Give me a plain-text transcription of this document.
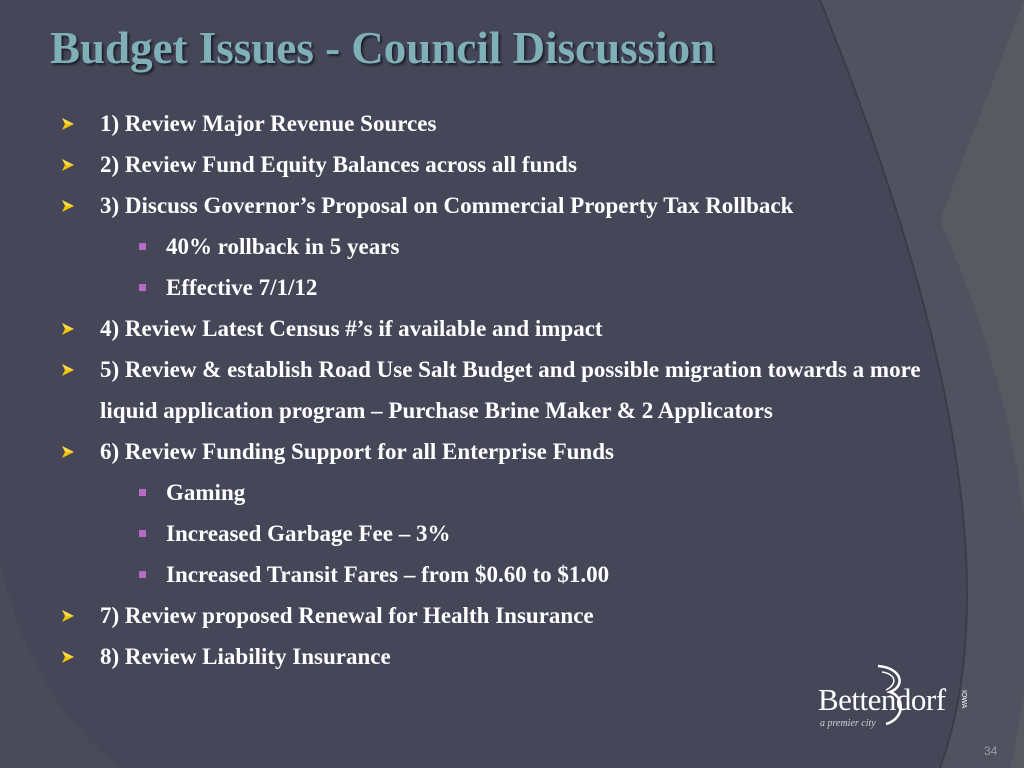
Budget Issues - Council Discussion
1) Review Major Revenue Sources
2) Review Fund Equity Balances across all funds
3) Discuss Governor’s Proposal on Commercial Property Tax Rollback
40% rollback in 5 years
Effective 7/1/12
4) Review Latest Census #’s if available and impact
5) Review & establish Road Use Salt Budget and possible migration towards a more liquid application program – Purchase Brine Maker & 2 Applicators
6) Review Funding Support for all Enterprise Funds
Gaming
Increased Garbage Fee – 3%
Increased Transit Fares – from $0.60 to $1.00
7) Review proposed Renewal for Health Insurance
8) Review Liability Insurance
Bettendorf
a premier city
IOWA
34
